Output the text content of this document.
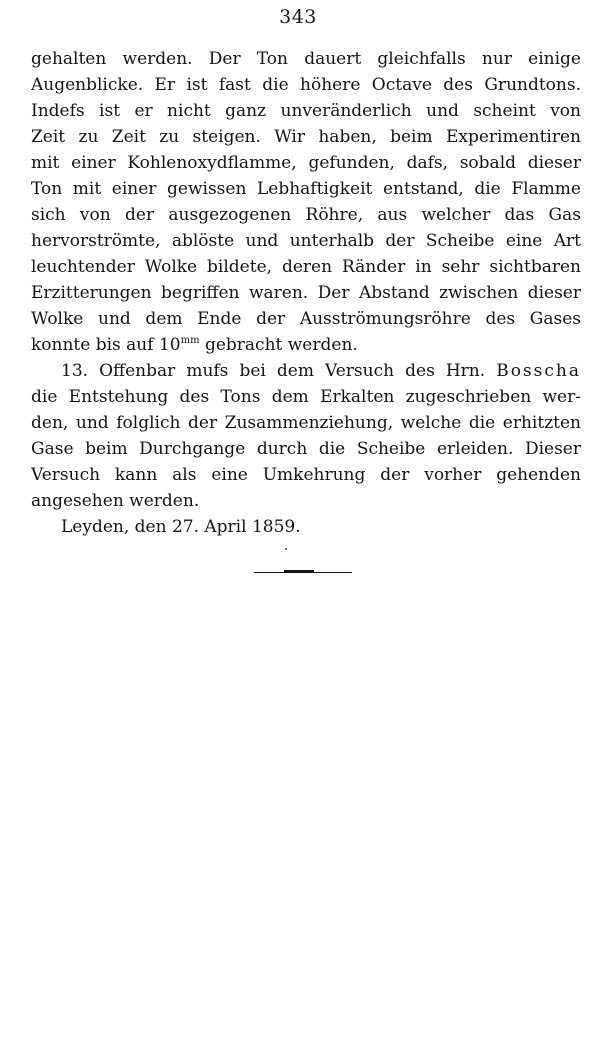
343
gehalten werden. Der Ton dauert gleichfalls nur einige
Augenblicke. Er ist fast die höhere Octave des Grundtons.
Indefs ist er nicht ganz unveränderlich und scheint von
Zeit zu Zeit zu steigen. Wir haben, beim Experimentiren
mit einer Kohlenoxydflamme, gefunden, dafs, sobald dieser
Ton mit einer gewissen Lebhaftigkeit entstand, die Flamme
sich von der ausgezogenen Röhre, aus welcher das Gas
hervorströmte, ablöste und unterhalb der Scheibe eine Art
leuchtender Wolke bildete, deren Ränder in sehr sichtbaren
Erzitterungen begriffen waren. Der Abstand zwischen dieser
Wolke und dem Ende der Ausströmungsröhre des Gases
konnte bis auf $10^{mm}$ gebracht werden.
13. Offenbar mufs bei dem Versuch des Hrn. Bosscha
die Entstehung des Tons dem Erkalten zugeschrieben wer-
den, und folglich der Zusammenziehung, welche die erhitzten
Gase beim Durchgange durch die Scheibe erleiden. Dieser
Versuch kann als eine Umkehrung der vorher gehenden
angesehen werden.
Leyden, den 27. April 1859.
